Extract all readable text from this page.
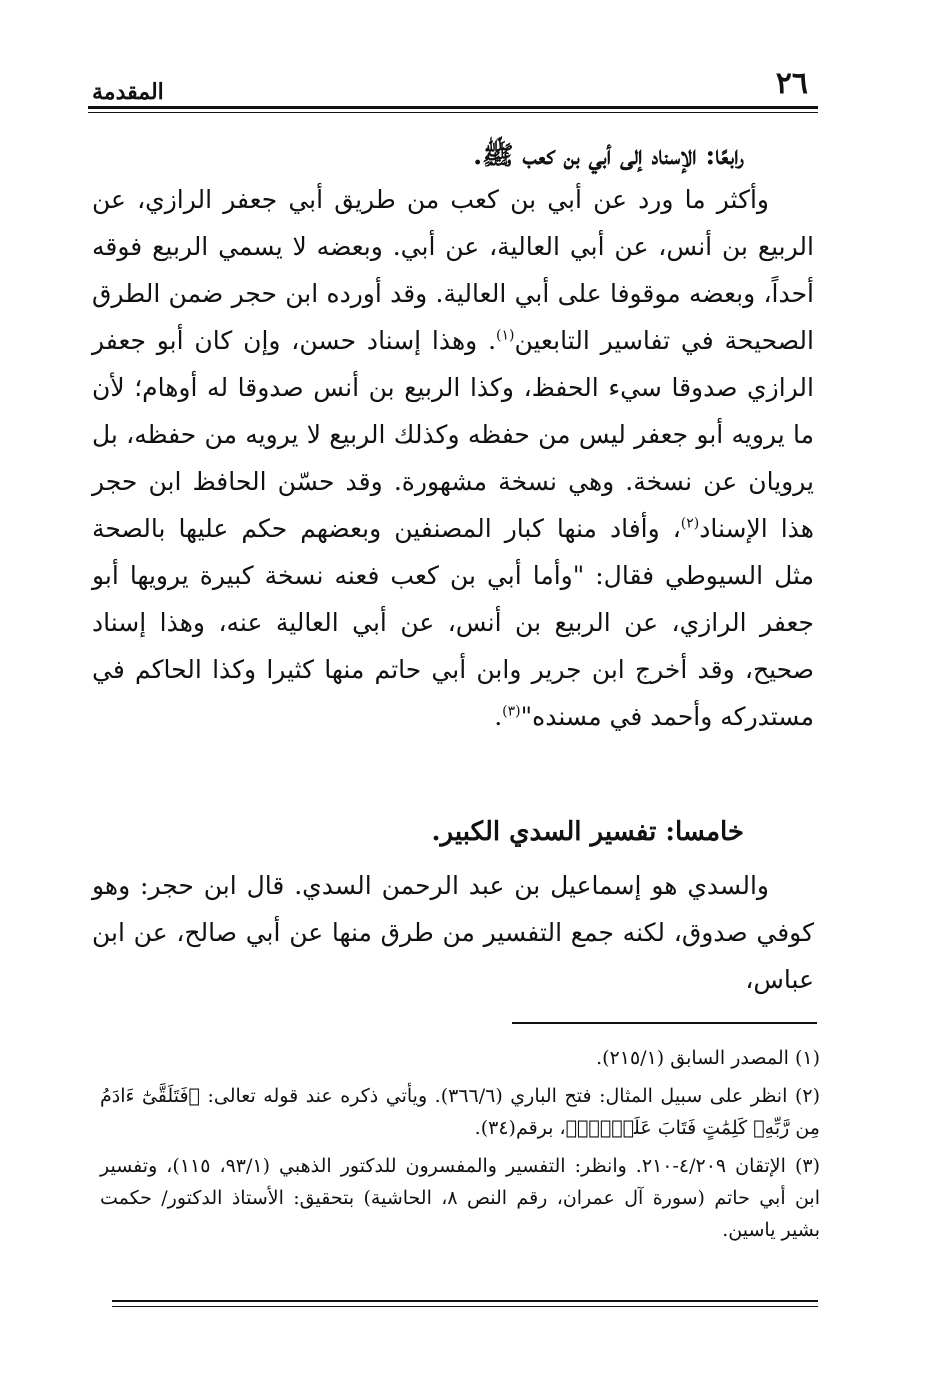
٢٦
المقدمة

رابعًا: الإسناد إلى أبي بن كعب ﷺ.

وأكثر ما ورد عن أبي بن كعب من طريق أبي جعفر الرازي، عن الربيع بن أنس، عن أبي العالية، عن أبي. وبعضه لا يسمي الربيع فوقه أحداً، وبعضه موقوفا على أبي العالية. وقد أورده ابن حجر ضمن الطرق الصحيحة في تفاسير التابعين$^{(١)}$. وهذا إسناد حسن، وإن كان أبو جعفر الرازي صدوقا سيء الحفظ، وكذا الربيع بن أنس صدوقا له أوهام؛ لأن ما يرويه أبو جعفر ليس من حفظه وكذلك الربيع لا يرويه من حفظه، بل يرويان عن نسخة. وهي نسخة مشهورة. وقد حسّن الحافظ ابن حجر هذا الإسناد$^{(٢)}$، وأفاد منها كبار المصنفين وبعضهم حكم عليها بالصحة مثل السيوطي فقال: "وأما أبي بن كعب فعنه نسخة كبيرة يرويها أبو جعفر الرازي، عن الربيع بن أنس، عن أبي العالية عنه، وهذا إسناد صحيح، وقد أخرج ابن جرير وابن أبي حاتم منها كثيرا وكذا الحاكم في مستدركه وأحمد في مسنده"$^{(٣)}$.

خامسا: تفسير السدي الكبير.

والسدي هو إسماعيل بن عبد الرحمن السدي. قال ابن حجر: وهو كوفي صدوق، لكنه جمع التفسير من طرق منها عن أبي صالح، عن ابن عباس،

(١) المصدر السابق (٢١٥/١).

(٢) انظر على سبيل المثال: فتح الباري (٣٦٦/٦). ويأتي ذكره عند قوله تعالى: ﴿فَتَلَقَّىٰٓ ءَادَمُ مِن رَّبِّهِۦ كَلِمَٰتٍ فَتَابَ عَلَيۡهِۚ﴾، برقم(٣٤).

(٣) الإتقان ٤/٢٠٩-٢١٠. وانظر: التفسير والمفسرون للدكتور الذهبي (٩٣/١، ١١٥)، وتفسير ابن أبي حاتم (سورة آل عمران، رقم النص ٨، الحاشية) بتحقيق: الأستاذ الدكتور/ حكمت بشير ياسين.
